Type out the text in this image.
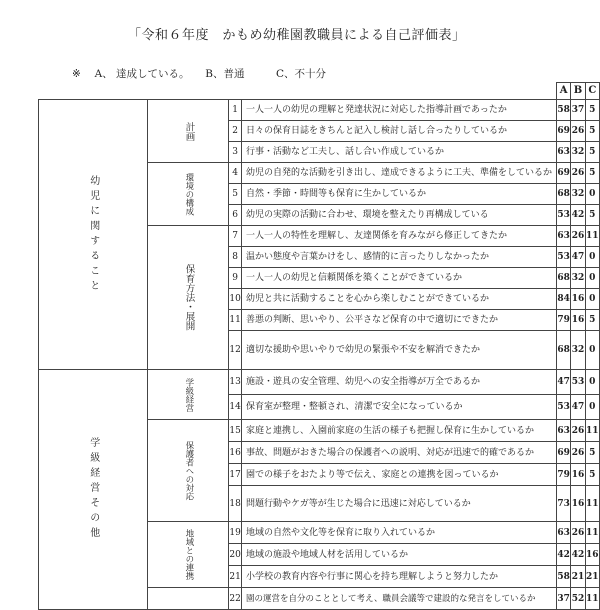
「令和６年度　かもめ幼稚園教職員による自己評価表」
※　 A、 達成している。　　B、普通　　　C、不十分
				A	B	C
幼児に関すること	計画	1	一人一人の幼児の理解と発達状況に対応した指導計画であったか	58	37	5
		2	日々の保育日誌をきちんと記入し検討し話し合ったりしているか	69	26	5
		3	行事・活動など工夫し、話し合い作成しているか	63	32	5
	環境の構成	4	幼児の自発的な活動を引き出し、達成できるように工夫、準備をしているか	69	26	5
		5	自然・季節・時間等も保育に生かしているか	68	32	0
		6	幼児の実際の活動に合わせ、環境を整えたり再構成している	53	42	5
	保育方法・展開	7	一人一人の特性を理解し、友達関係を育みながら修正してきたか	63	26	11
		8	温かい態度や言葉かけをし、感情的に言ったりしなかったか	53	47	0
		9	一人一人の幼児と信頼関係を築くことができているか	68	32	0
		10	幼児と共に活動することを心から楽しむことができているか	84	16	0
		11	善悪の判断、思いやり、公平さなど保育の中で適切にできたか	79	16	5
		12	適切な援助や思いやりで幼児の緊張や不安を解消できたか	68	32	0
学級経営その他	学級経営	13	施設・遊具の安全管理、幼児への安全指導が万全であるか	47	53	0
		14	保育室が整理・整頓され、清潔で安全になっているか	53	47	0
	保護者への対応	15	家庭と連携し、入園前家庭の生活の様子も把握し保育に生かしているか	63	26	11
		16	事故、問題がおきた場合の保護者への説明、対応が迅速で的確であるか	69	26	5
		17	園での様子をおたより等で伝え、家庭との連携を図っているか	79	16	5
		18	問題行動やケガ等が生じた場合に迅速に対応しているか	73	16	11
	地域との連携	19	地域の自然や文化等を保育に取り入れているか	63	26	11
		20	地域の施設や地域人材を活用しているか	42	42	16
		21	小学校の教育内容や行事に関心を持ち理解しようと努力したか	58	21	21
		22	園の運営を自分のこととして考え、職員会議等で建設的な発言をしているか	37	52	11
